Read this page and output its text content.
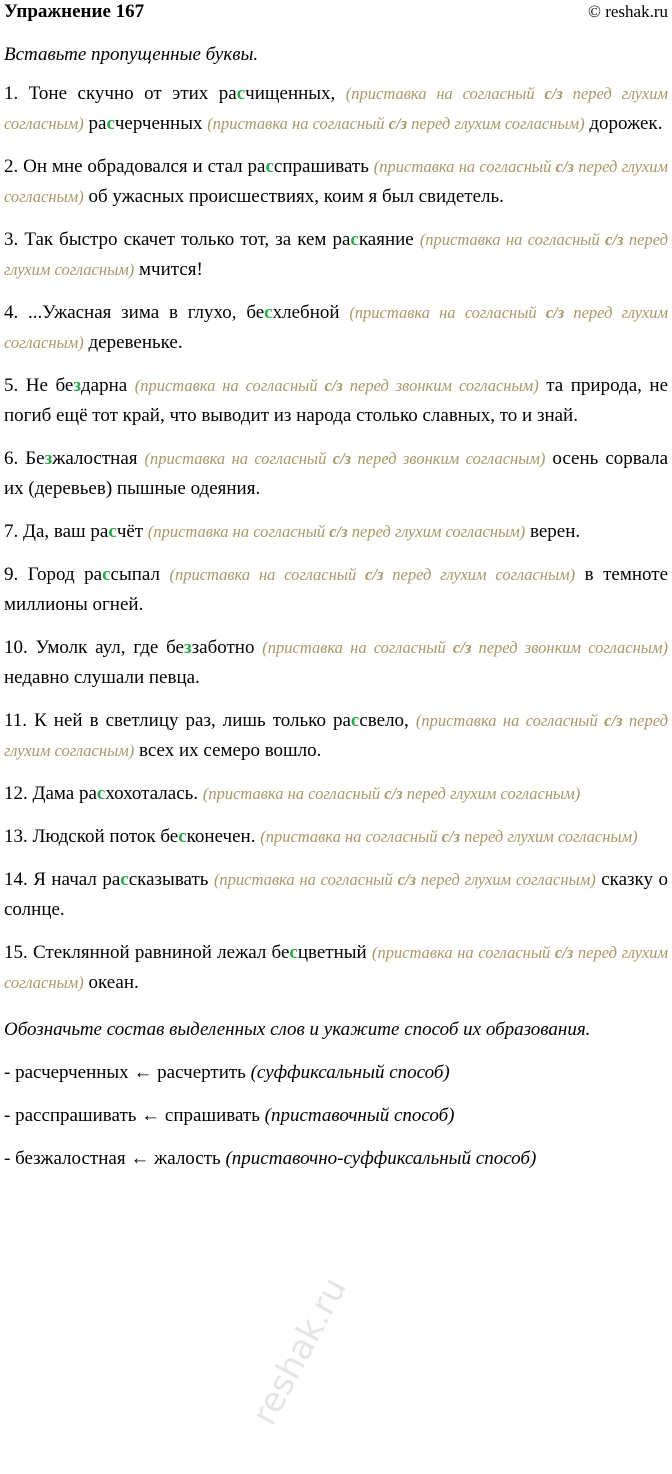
Упражнение 167	© reshak.ru
Вставьте пропущенные буквы.
1. Тоне скучно от этих расчищенных, (приставка на согласный с/з перед глухим согласным) расчерченных (приставка на согласный с/з перед глухим согласным) дорожек.
2. Он мне обрадовался и стал расспрашивать (приставка на согласный с/з перед глухим согласным) об ужасных происшествиях, коим я был свидетель.
3. Так быстро скачет только тот, за кем раскаяние (приставка на согласный с/з перед глухим согласным) мчится!
4. ...Ужасная зима в глухо, бесхлебной (приставка на согласный с/з перед глухим согласным) деревеньке.
5. Не бездарна (приставка на согласный с/з перед звонким согласным) та природа, не погиб ещё тот край, что выводит из народа столько славных, то и знай.
6. Безжалостная (приставка на согласный с/з перед звонким согласным) осень сорвала их (деревьев) пышные одеяния.
7. Да, ваш расчёт (приставка на согласный с/з перед глухим согласным) верен.
9. Город рассыпал (приставка на согласный с/з перед глухим согласным) в темноте миллионы огней.
10. Умолк аул, где беззаботно (приставка на согласный с/з перед звонким согласным) недавно слушали певца.
11. К ней в светлицу раз, лишь только рассвело, (приставка на согласный с/з перед глухим согласным) всех их семеро вошло.
12. Дама расхохоталась. (приставка на согласный с/з перед глухим согласным)
13. Людской поток бесконечен. (приставка на согласный с/з перед глухим согласным)
14. Я начал рассказывать (приставка на согласный с/з перед глухим согласным) сказку о солнце.
15. Стеклянной равниной лежал бесцветный (приставка на согласный с/з перед глухим согласным) океан.
Обозначьте состав выделенных слов и укажите способ их образования.
- расчерченных ← расчертить (суффиксальный способ)
- расспрашивать ← спрашивать (приставочный способ)
- безжалостная ← жалость (приставочно-суффиксальный способ)
reshak.ru
